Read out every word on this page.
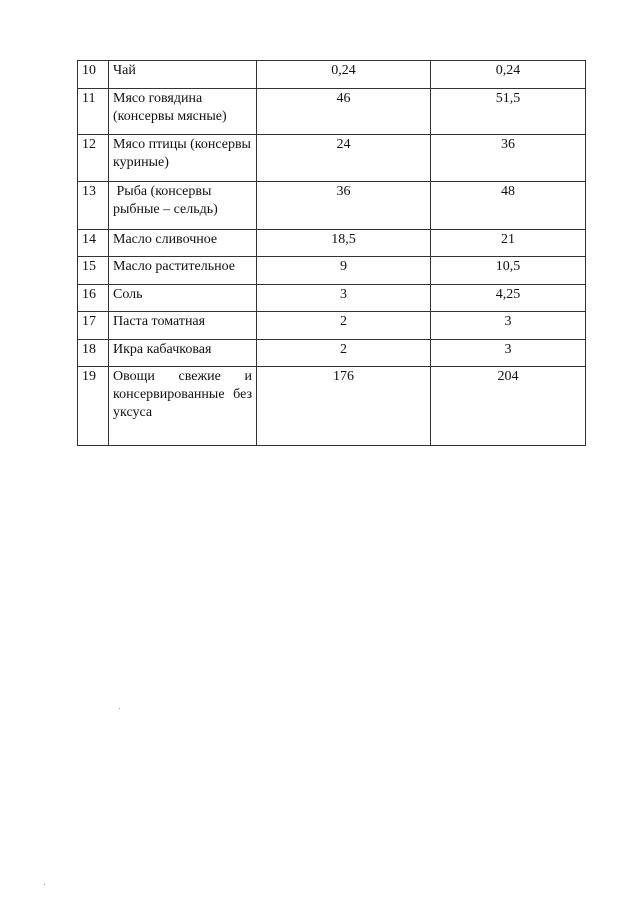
10	Чай	0,24	0,24
11	Мясо говядина (консервы мясные)	46	51,5
12	Мясо птицы (консервы куриные)	24	36
13	Рыба (консервы рыбные – сельдь)	36	48
14	Масло сливочное	18,5	21
15	Масло растительное	9	10,5
16	Соль	3	4,25
17	Паста томатная	2	3
18	Икра кабачковая	2	3
19	Овощи свежие и консервированные без уксуса	176	204
